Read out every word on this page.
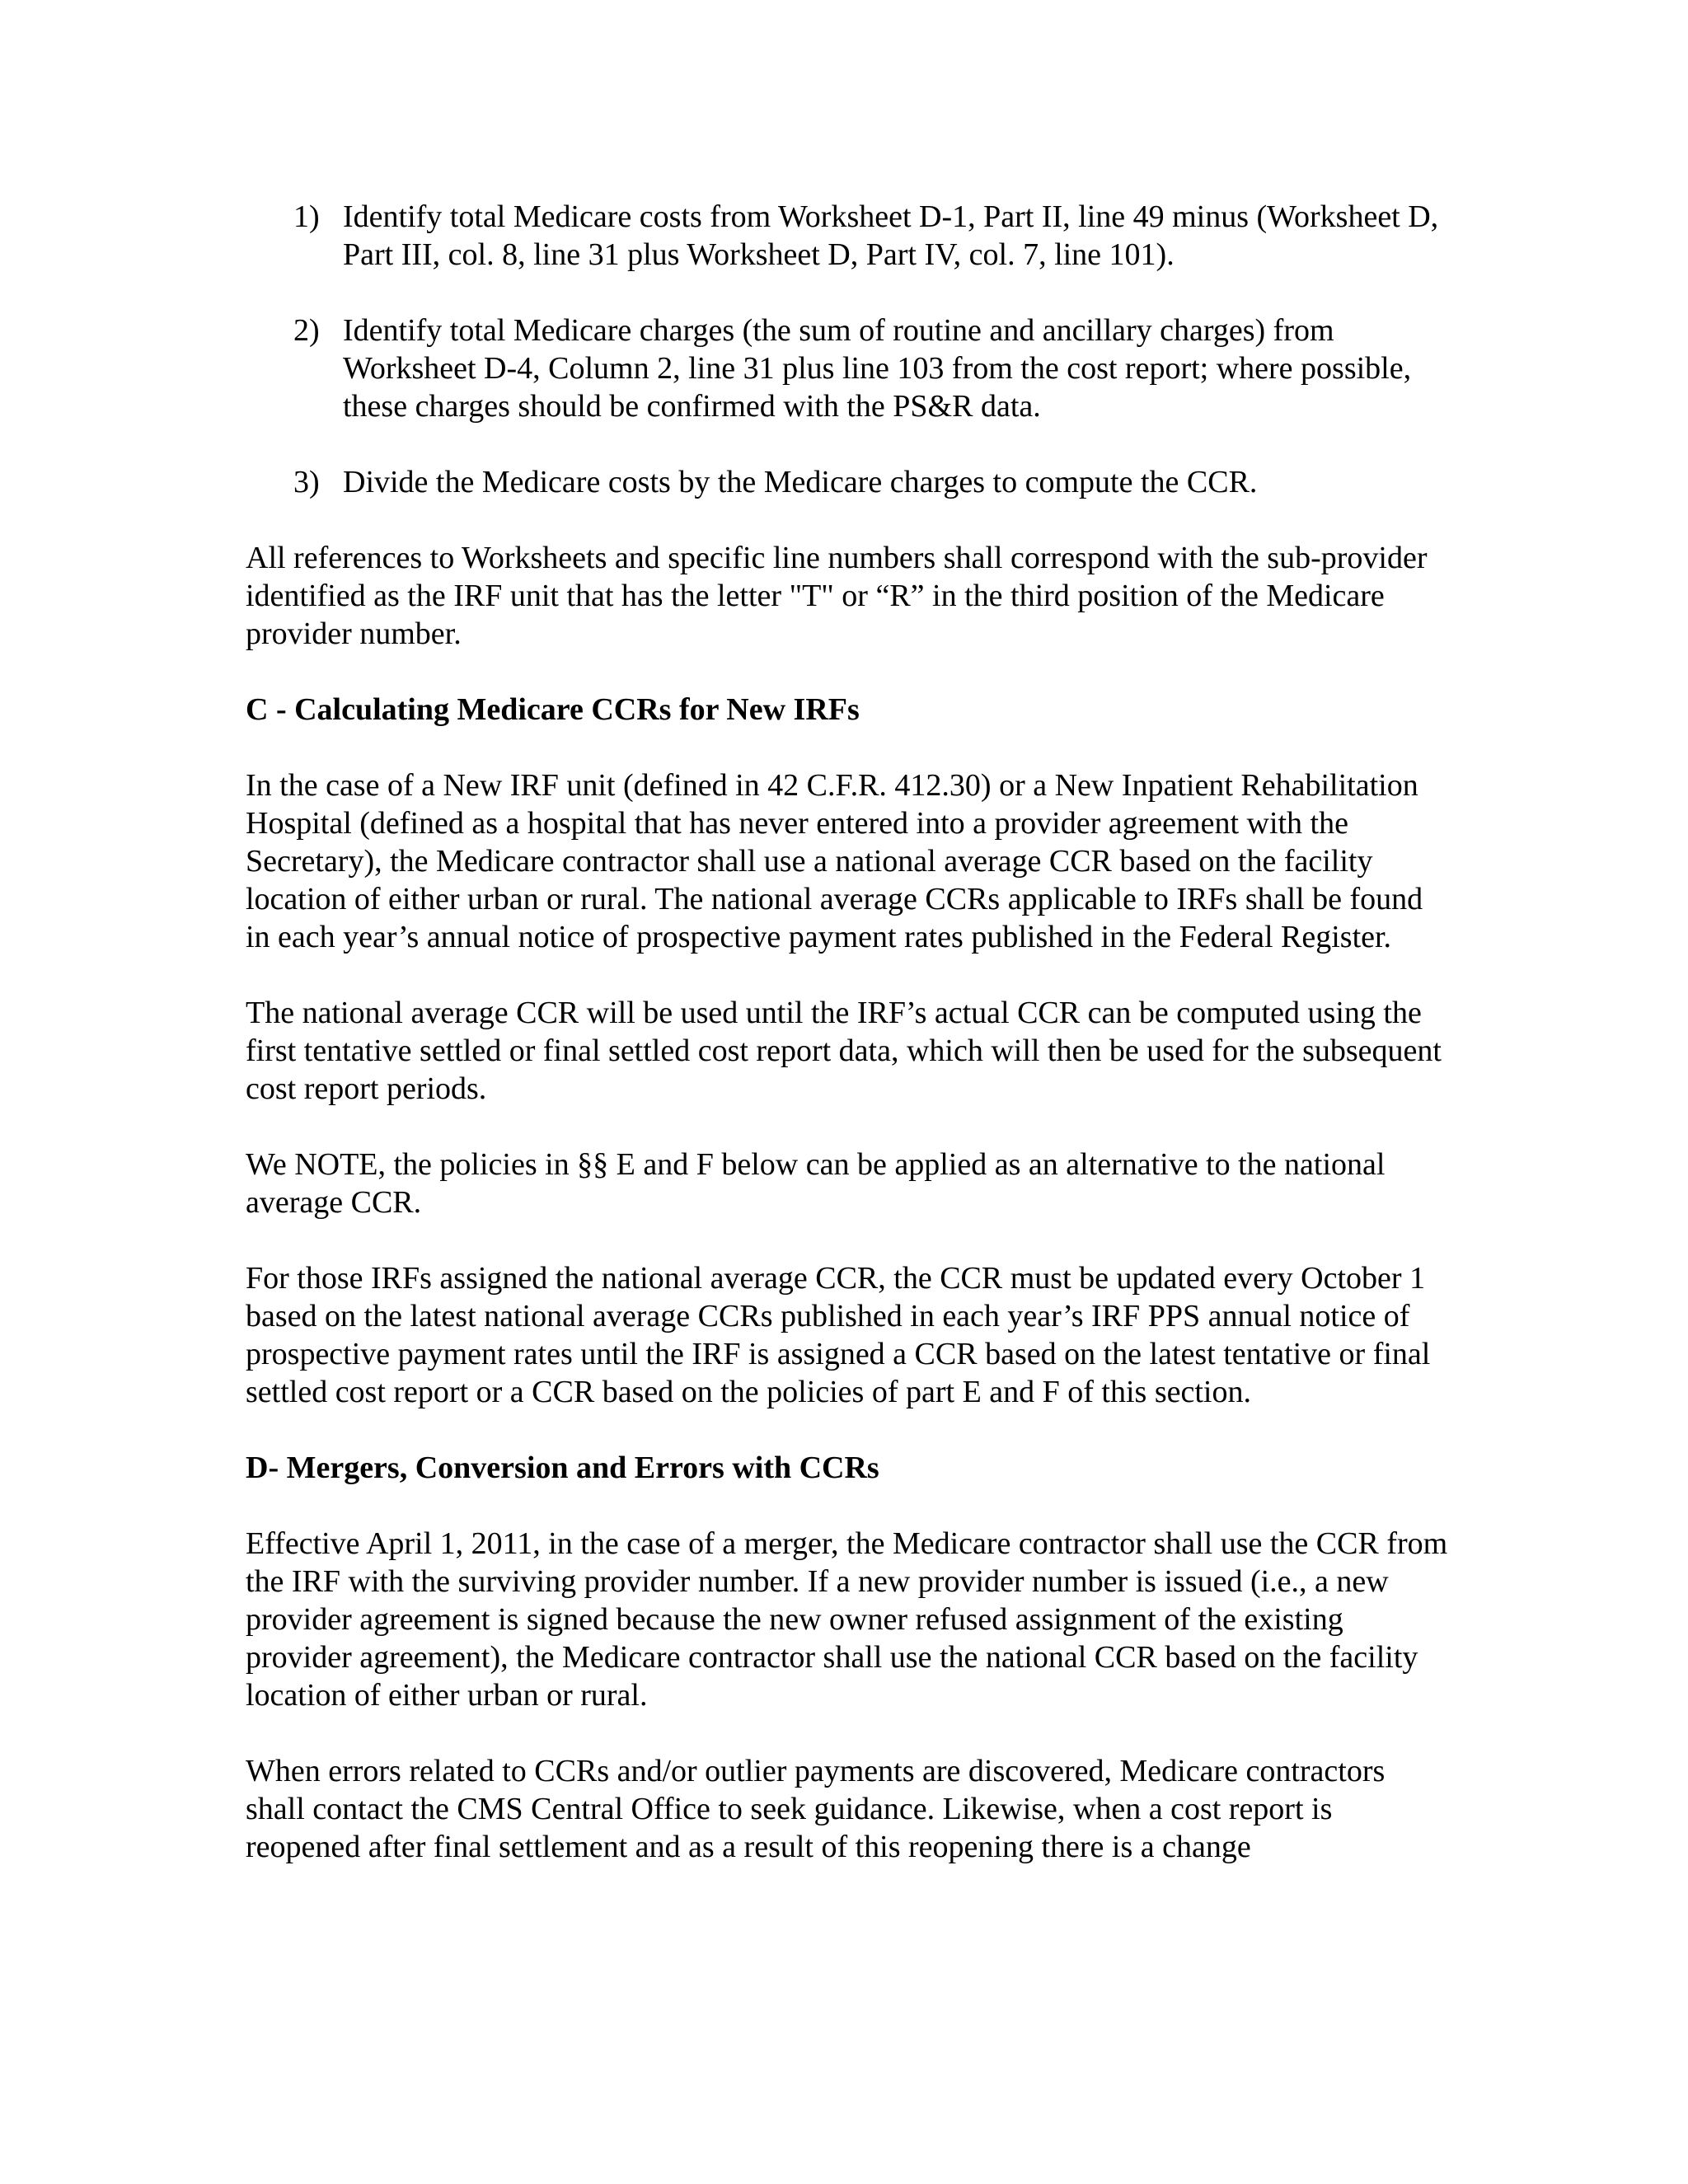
1) Identify total Medicare costs from Worksheet D-1, Part II, line 49 minus (Worksheet D, Part III, col. 8, line 31 plus Worksheet D, Part IV, col. 7, line 101).
2) Identify total Medicare charges (the sum of routine and ancillary charges) from Worksheet D-4, Column 2, line 31 plus line 103 from the cost report; where possible, these charges should be confirmed with the PS&R data.
3) Divide the Medicare costs by the Medicare charges to compute the CCR.

All references to Worksheets and specific line numbers shall correspond with the sub-provider identified as the IRF unit that has the letter "T" or “R” in the third position of the Medicare provider number.

C - Calculating Medicare CCRs for New IRFs

In the case of a New IRF unit (defined in 42 C.F.R. 412.30) or a New Inpatient Rehabilitation Hospital (defined as a hospital that has never entered into a provider agreement with the Secretary), the Medicare contractor shall use a national average CCR based on the facility location of either urban or rural. The national average CCRs applicable to IRFs shall be found in each year’s annual notice of prospective payment rates published in the Federal Register.

The national average CCR will be used until the IRF’s actual CCR can be computed using the first tentative settled or final settled cost report data, which will then be used for the subsequent cost report periods.

We NOTE, the policies in §§ E and F below can be applied as an alternative to the national average CCR.

For those IRFs assigned the national average CCR, the CCR must be updated every October 1 based on the latest national average CCRs published in each year’s IRF PPS annual notice of prospective payment rates until the IRF is assigned a CCR based on the latest tentative or final settled cost report or a CCR based on the policies of part E and F of this section.

D- Mergers, Conversion and Errors with CCRs

Effective April 1, 2011, in the case of a merger, the Medicare contractor shall use the CCR from the IRF with the surviving provider number. If a new provider number is issued (i.e., a new provider agreement is signed because the new owner refused assignment of the existing provider agreement), the Medicare contractor shall use the national CCR based on the facility location of either urban or rural.

When errors related to CCRs and/or outlier payments are discovered, Medicare contractors shall contact the CMS Central Office to seek guidance. Likewise, when a cost report is reopened after final settlement and as a result of this reopening there is a change
